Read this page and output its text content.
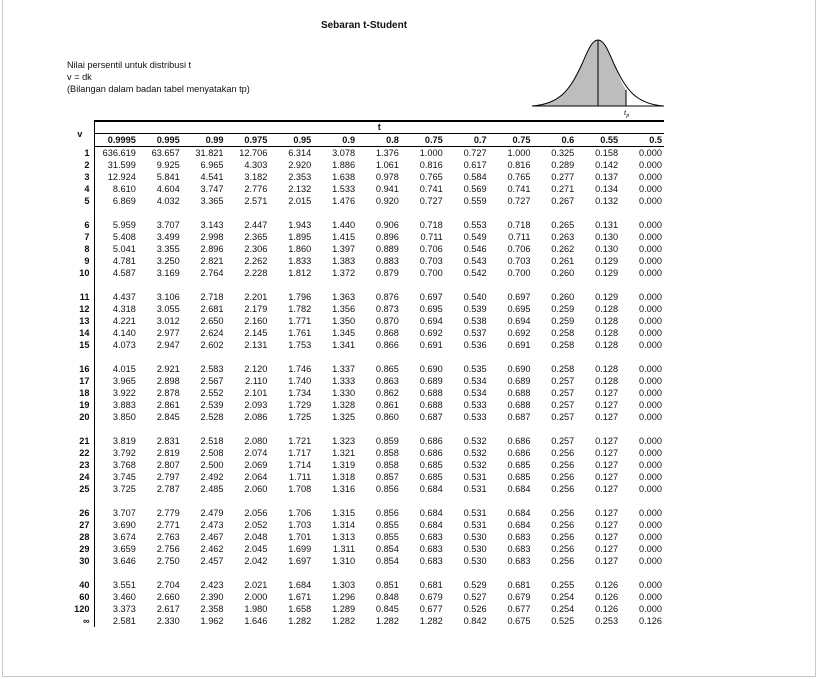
Sebaran t-Student
Nilai persentil untuk distribusi t
v = dk
(Bilangan dalam badan tabel menyatakan tp)
$t_p$
v	t												
	0.9995	0.995	0.99	0.975	0.95	0.9	0.8	0.75	0.7	0.75	0.6	0.55	0.5
1	636.619	63.657	31.821	12.706	6.314	3.078	1.376	1.000	0.727	1.000	0.325	0.158	0.000
2	31.599	9.925	6.965	4.303	2.920	1.886	1.061	0.816	0.617	0.816	0.289	0.142	0.000
3	12.924	5.841	4.541	3.182	2.353	1.638	0.978	0.765	0.584	0.765	0.277	0.137	0.000
4	8.610	4.604	3.747	2.776	2.132	1.533	0.941	0.741	0.569	0.741	0.271	0.134	0.000
5	6.869	4.032	3.365	2.571	2.015	1.476	0.920	0.727	0.559	0.727	0.267	0.132	0.000

6	5.959	3.707	3.143	2.447	1.943	1.440	0.906	0.718	0.553	0.718	0.265	0.131	0.000
7	5.408	3.499	2.998	2.365	1.895	1.415	0.896	0.711	0.549	0.711	0.263	0.130	0.000
8	5.041	3.355	2.896	2.306	1.860	1.397	0.889	0.706	0.546	0.706	0.262	0.130	0.000
9	4.781	3.250	2.821	2.262	1.833	1.383	0.883	0.703	0.543	0.703	0.261	0.129	0.000
10	4.587	3.169	2.764	2.228	1.812	1.372	0.879	0.700	0.542	0.700	0.260	0.129	0.000

11	4.437	3.106	2.718	2.201	1.796	1.363	0.876	0.697	0.540	0.697	0.260	0.129	0.000
12	4.318	3.055	2.681	2.179	1.782	1.356	0.873	0.695	0.539	0.695	0.259	0.128	0.000
13	4.221	3.012	2.650	2.160	1.771	1.350	0.870	0.694	0.538	0.694	0.259	0.128	0.000
14	4.140	2.977	2.624	2.145	1.761	1.345	0.868	0.692	0.537	0.692	0.258	0.128	0.000
15	4.073	2.947	2.602	2.131	1.753	1.341	0.866	0.691	0.536	0.691	0.258	0.128	0.000

16	4.015	2.921	2.583	2.120	1.746	1.337	0.865	0.690	0.535	0.690	0.258	0.128	0.000
17	3.965	2.898	2.567	2.110	1.740	1.333	0.863	0.689	0.534	0.689	0.257	0.128	0.000
18	3.922	2.878	2.552	2.101	1.734	1.330	0.862	0.688	0.534	0.688	0.257	0.127	0.000
19	3.883	2.861	2.539	2.093	1.729	1.328	0.861	0.688	0.533	0.688	0.257	0.127	0.000
20	3.850	2.845	2.528	2.086	1.725	1.325	0.860	0.687	0.533	0.687	0.257	0.127	0.000

21	3.819	2.831	2.518	2.080	1.721	1.323	0.859	0.686	0.532	0.686	0.257	0.127	0.000
22	3.792	2.819	2.508	2.074	1.717	1.321	0.858	0.686	0.532	0.686	0.256	0.127	0.000
23	3.768	2.807	2.500	2.069	1.714	1.319	0.858	0.685	0.532	0.685	0.256	0.127	0.000
24	3.745	2.797	2.492	2.064	1.711	1.318	0.857	0.685	0.531	0.685	0.256	0.127	0.000
25	3.725	2.787	2.485	2.060	1.708	1.316	0.856	0.684	0.531	0.684	0.256	0.127	0.000

26	3.707	2.779	2.479	2.056	1.706	1.315	0.856	0.684	0.531	0.684	0.256	0.127	0.000
27	3.690	2.771	2.473	2.052	1.703	1.314	0.855	0.684	0.531	0.684	0.256	0.127	0.000
28	3.674	2.763	2.467	2.048	1.701	1.313	0.855	0.683	0.530	0.683	0.256	0.127	0.000
29	3.659	2.756	2.462	2.045	1.699	1.311	0.854	0.683	0.530	0.683	0.256	0.127	0.000
30	3.646	2.750	2.457	2.042	1.697	1.310	0.854	0.683	0.530	0.683	0.256	0.127	0.000

40	3.551	2.704	2.423	2.021	1.684	1.303	0.851	0.681	0.529	0.681	0.255	0.126	0.000
60	3.460	2.660	2.390	2.000	1.671	1.296	0.848	0.679	0.527	0.679	0.254	0.126	0.000
120	3.373	2.617	2.358	1.980	1.658	1.289	0.845	0.677	0.526	0.677	0.254	0.126	0.000
∞	2.581	2.330	1.962	1.646	1.282	1.282	1.282	1.282	0.842	0.675	0.525	0.253	0.126
